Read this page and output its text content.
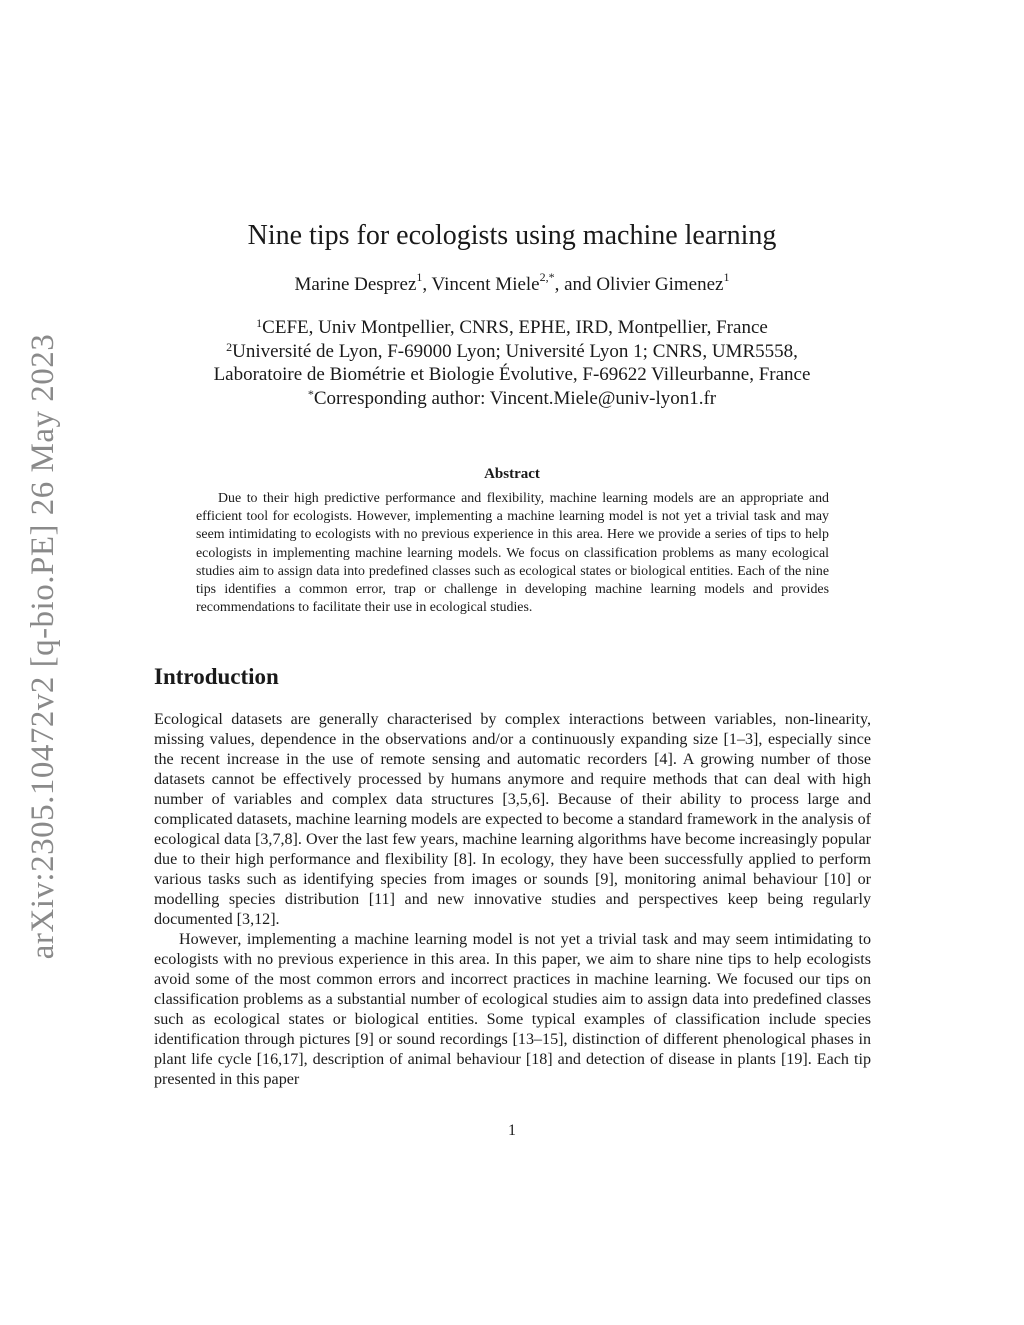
arXiv:2305.10472v2 [q-bio.PE] 26 May 2023
Nine tips for ecologists using machine learning
Marine Desprez$^1$, Vincent Miele$^{2,*}$, and Olivier Gimenez$^1$
$^1$CEFE, Univ Montpellier, CNRS, EPHE, IRD, Montpellier, France
$^2$Université de Lyon, F-69000 Lyon; Université Lyon 1; CNRS, UMR5558,
Laboratoire de Biométrie et Biologie Évolutive, F-69622 Villeurbanne, France
*Corresponding author: Vincent.Miele@univ-lyon1.fr
Abstract

Due to their high predictive performance and flexibility, machine learning models are an appropriate and efficient tool for ecologists. However, implementing a machine learning model is not yet a trivial task and may seem intimidating to ecologists with no previous experience in this area. Here we provide a series of tips to help ecologists in implementing machine learning models. We focus on classification problems as many ecological studies aim to assign data into predefined classes such as ecological states or biological entities. Each of the nine tips identifies a common error, trap or challenge in developing machine learning models and provides recommendations to facilitate their use in ecological studies.

Introduction

Ecological datasets are generally characterised by complex interactions between variables, non-linearity, missing values, dependence in the observations and/or a continuously expanding size [1–3], especially since the recent increase in the use of remote sensing and automatic recorders [4]. A growing number of those datasets cannot be effectively processed by humans anymore and require methods that can deal with high number of variables and complex data structures [3,5,6]. Because of their ability to process large and complicated datasets, machine learning models are expected to become a standard framework in the analysis of ecological data [3,7,8]. Over the last few years, machine learning algorithms have become increasingly popular due to their high performance and flexibility [8]. In ecology, they have been successfully applied to perform various tasks such as identifying species from images or sounds [9], monitoring animal behaviour [10] or modelling species distribution [11] and new innovative studies and perspectives keep being regularly documented [3,12].

However, implementing a machine learning model is not yet a trivial task and may seem intimidating to ecologists with no previous experience in this area. In this paper, we aim to share nine tips to help ecologists avoid some of the most common errors and incorrect practices in machine learning. We focused our tips on classification problems as a substantial number of ecological studies aim to assign data into predefined classes such as ecological states or biological entities. Some typical examples of classification include species identification through pictures [9] or sound recordings [13–15], distinction of different phenological phases in plant life cycle [16,17], description of animal behaviour [18] and detection of disease in plants [19]. Each tip presented in this paper

1
